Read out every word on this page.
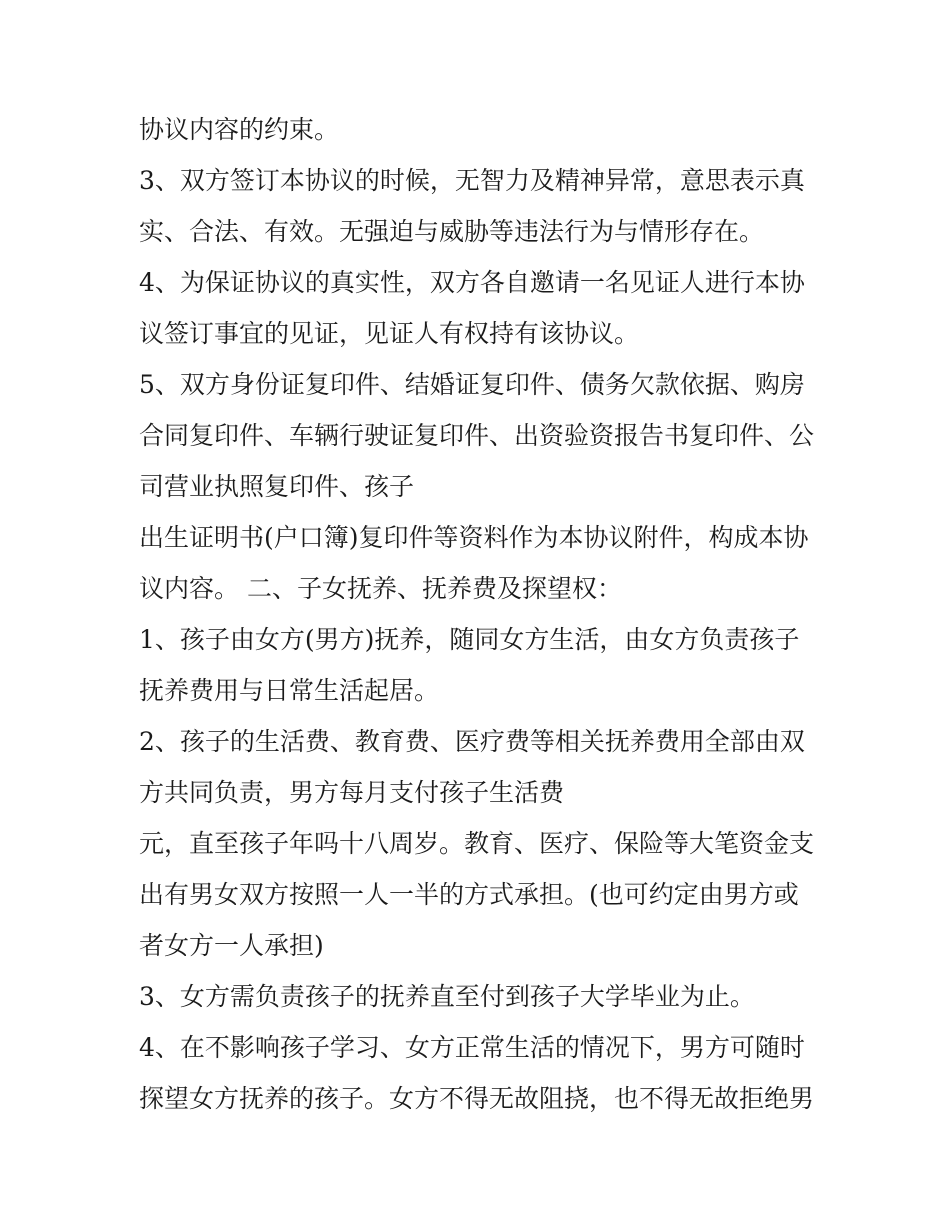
协议内容的约束。
3、双方签订本协议的时候，无智力及精神异常，意思表示真
实、合法、有效。无强迫与威胁等违法行为与情形存在。
4、为保证协议的真实性，双方各自邀请一名见证人进行本协
议签订事宜的见证，见证人有权持有该协议。
5、双方身份证复印件、结婚证复印件、债务欠款依据、购房
合同复印件、车辆行驶证复印件、出资验资报告书复印件、公
司营业执照复印件、孩子
出生证明书(户口簿)复印件等资料作为本协议附件，构成本协
议内容。 二、子女抚养、抚养费及探望权：
1、孩子由女方(男方)抚养，随同女方生活，由女方负责孩子
抚养费用与日常生活起居。
2、孩子的生活费、教育费、医疗费等相关抚养费用全部由双
方共同负责，男方每月支付孩子生活费
元，直至孩子年吗十八周岁。教育、医疗、保险等大笔资金支
出有男女双方按照一人一半的方式承担。(也可约定由男方或
者女方一人承担)
3、女方需负责孩子的抚养直至付到孩子大学毕业为止。
4、在不影响孩子学习、女方正常生活的情况下，男方可随时
探望女方抚养的孩子。女方不得无故阻挠，也不得无故拒绝男
